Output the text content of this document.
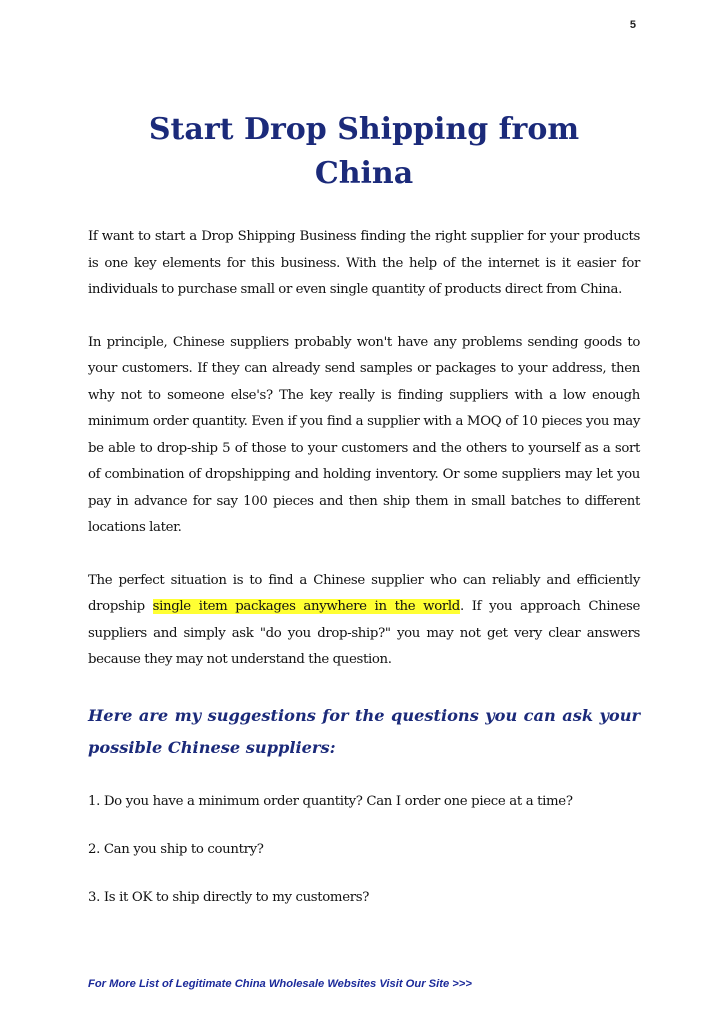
5
Start Drop Shipping from
China

If want to start a Drop Shipping Business finding the right supplier for your products is one key elements for this business. With the help of the internet is it easier for individuals to purchase small or even single quantity of products direct from China.

In principle, Chinese suppliers probably won't have any problems sending goods to your customers. If they can already send samples or packages to your address, then why not to someone else's? The key really is finding suppliers with a low enough minimum order quantity. Even if you find a supplier with a MOQ of 10 pieces you may be able to drop-ship 5 of those to your customers and the others to yourself as a sort of combination of dropshipping and holding inventory. Or some suppliers may let you pay in advance for say 100 pieces and then ship them in small batches to different locations later.

The perfect situation is to find a Chinese supplier who can reliably and efficiently dropship single item packages anywhere in the world. If you approach Chinese suppliers and simply ask "do you drop-ship?" you may not get very clear answers because they may not understand the question.

Here are my suggestions for the questions you can ask your possible Chinese suppliers:
1. Do you have a minimum order quantity? Can I order one piece at a time?
2. Can you ship to country?
3. Is it OK to ship directly to my customers?
For More List of Legitimate China Wholesale Websites Visit Our Site >>>
